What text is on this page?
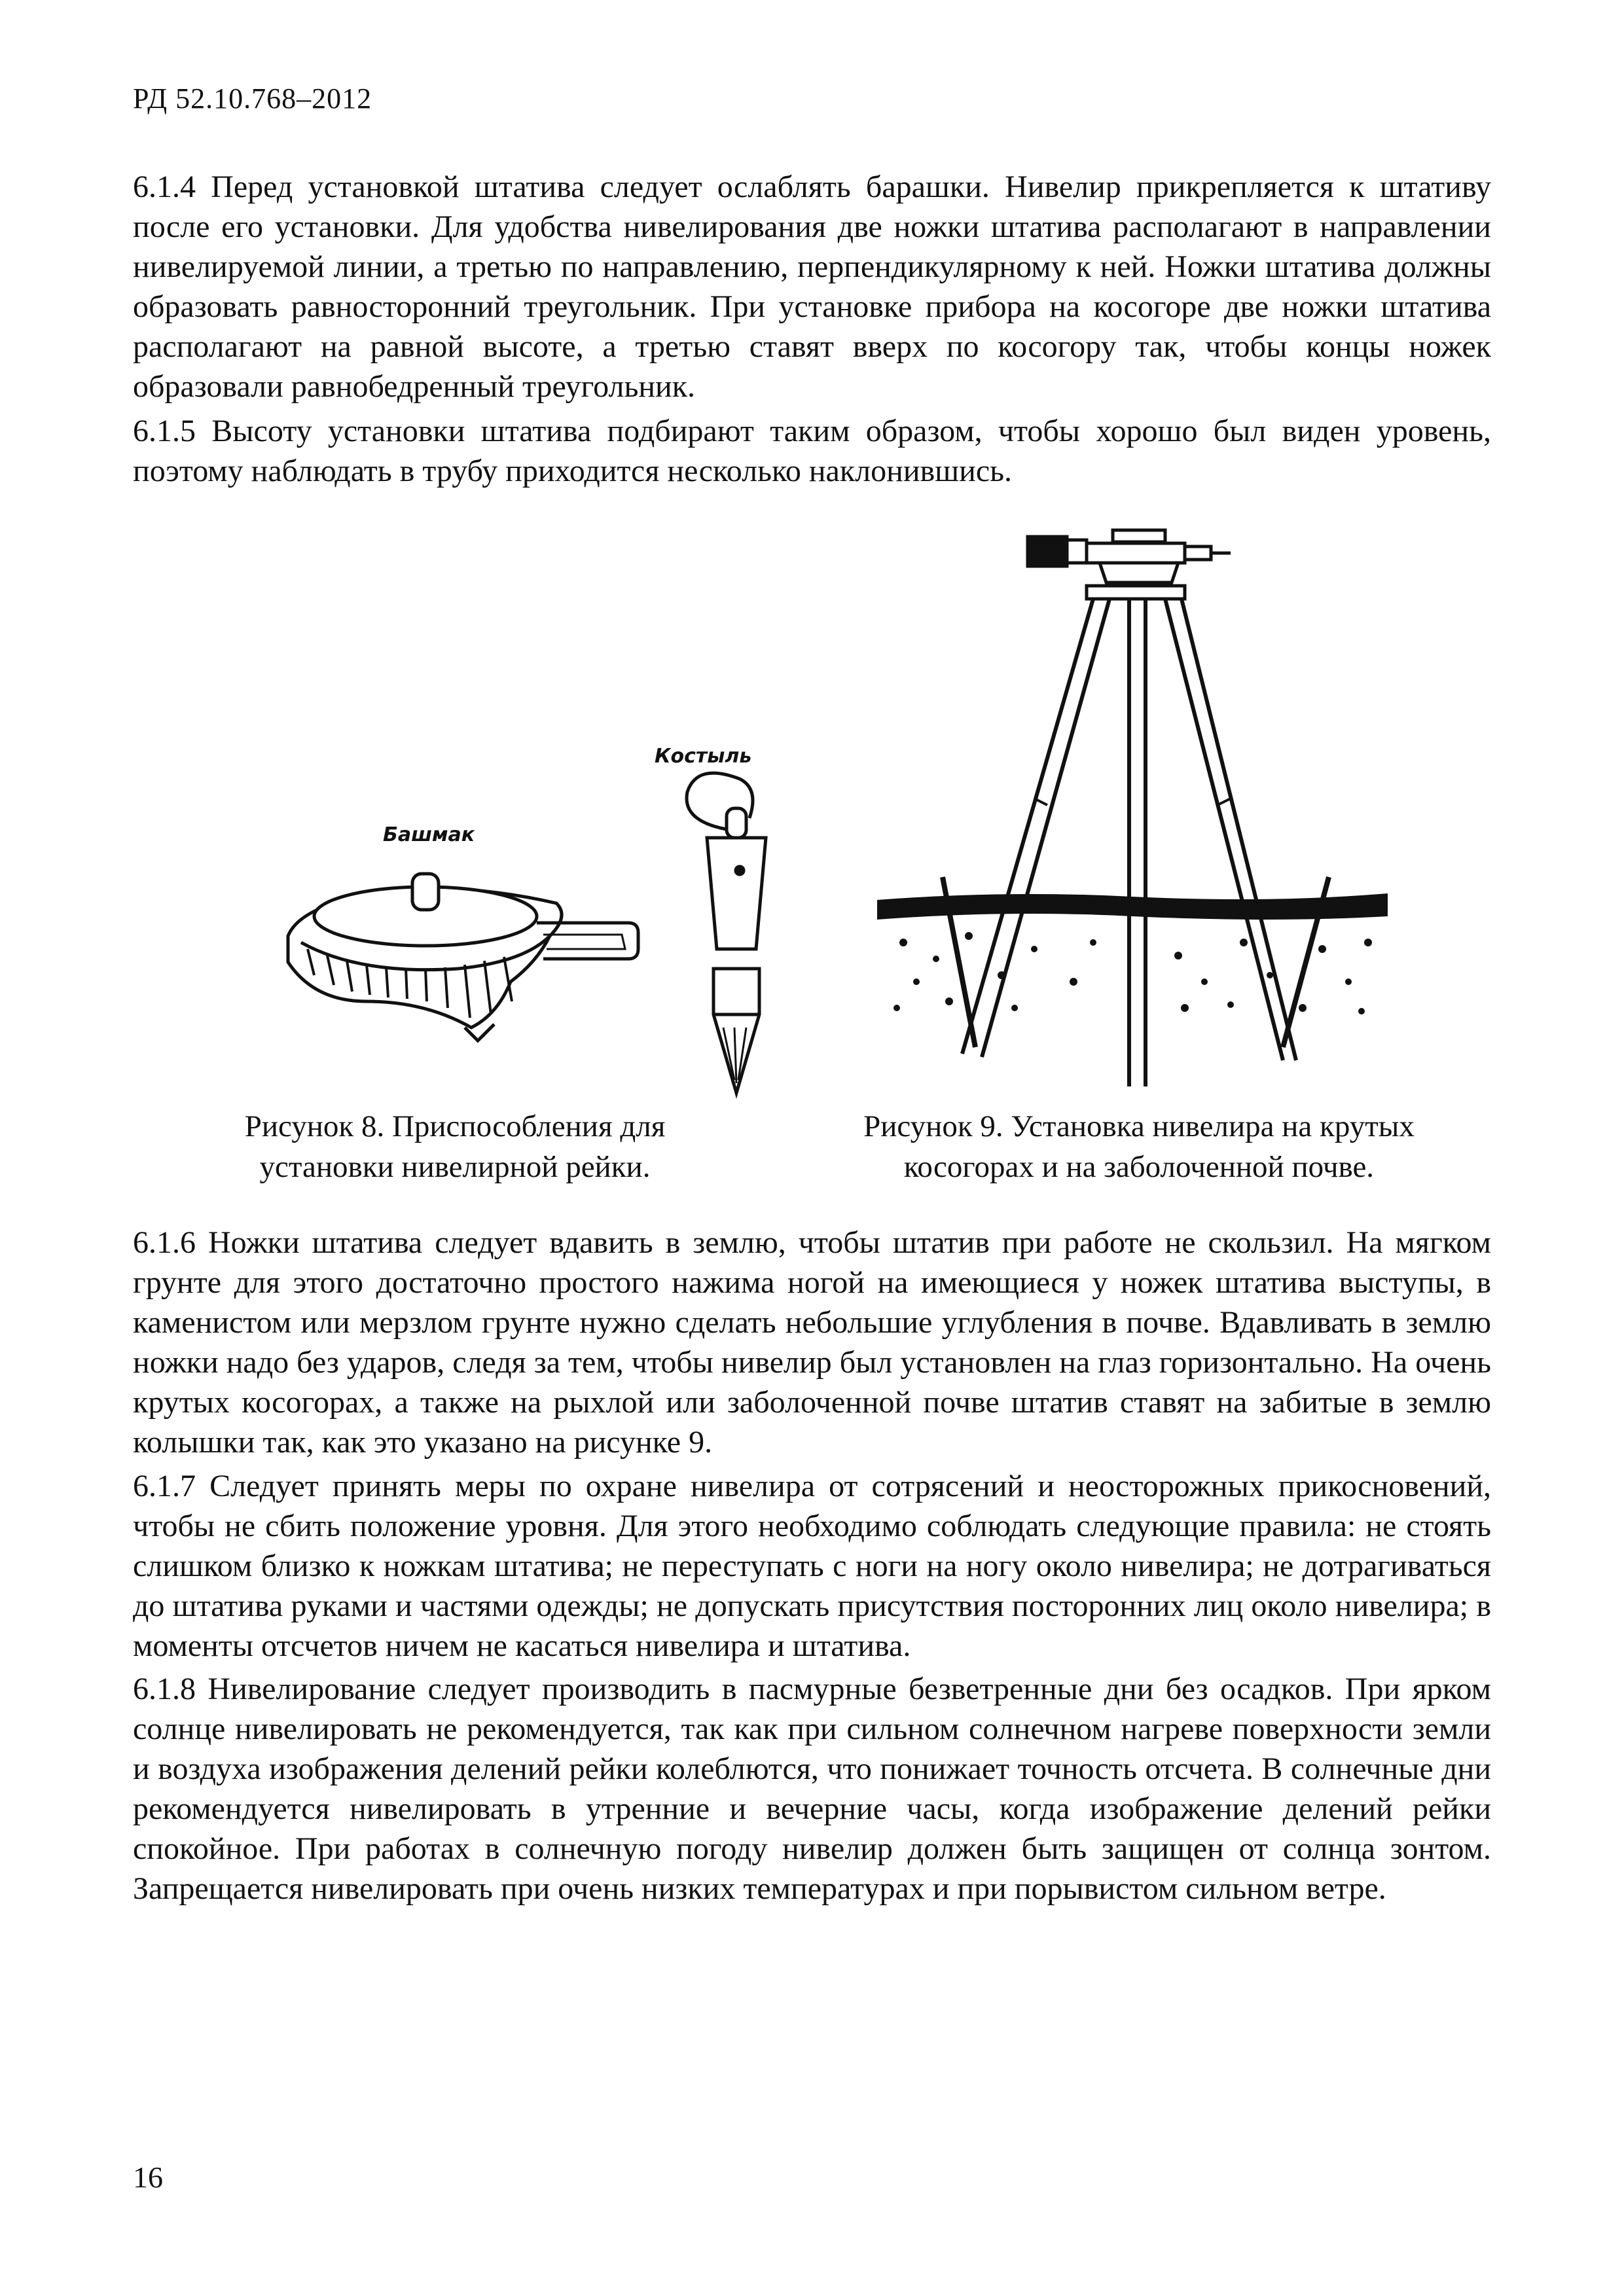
РД 52.10.768–2012

6.1.4 Перед установкой штатива следует ослаблять барашки. Нивелир прикрепляется к штативу после его установки. Для удобства нивелирования две ножки штатива располагают в направлении нивелируемой линии, а третью по направлению, перпендикулярному к ней. Ножки штатива должны образовать равносторонний треугольник. При установке прибора на косогоре две ножки штатива располагают на равной высоте, а третью ставят вверх по косогору так, чтобы концы ножек образовали равнобедренный треугольник.

6.1.5 Высоту установки штатива подбирают таким образом, чтобы хорошо был виден уровень, поэтому наблюдать в трубу приходится несколько наклонившись.

Башмак
Костыль
Рисунок 8. Приспособления для
установки нивелирной рейки.
Рисунок 9. Установка нивелира на крутых
косогорах и на заболоченной почве.

6.1.6 Ножки штатива следует вдавить в землю, чтобы штатив при работе не скользил. На мягком грунте для этого достаточно простого нажима ногой на имеющиеся у ножек штатива выступы, в каменистом или мерзлом грунте нужно сделать небольшие углубления в почве. Вдавливать в землю ножки надо без ударов, следя за тем, чтобы нивелир был установлен на глаз горизонтально. На очень крутых косогорах, а также на рыхлой или заболоченной почве штатив ставят на забитые в землю колышки так, как это указано на рисунке 9.

6.1.7 Следует принять меры по охране нивелира от сотрясений и неосторожных прикосновений, чтобы не сбить положение уровня. Для этого необходимо соблюдать следующие правила: не стоять слишком близко к ножкам штатива; не переступать с ноги на ногу около нивелира; не дотрагиваться до штатива руками и частями одежды; не допускать присутствия посторонних лиц около нивелира; в моменты отсчетов ничем не касаться нивелира и штатива.

6.1.8 Нивелирование следует производить в пасмурные безветренные дни без осадков. При ярком солнце нивелировать не рекомендуется, так как при сильном солнечном нагреве поверхности земли и воздуха изображения делений рейки колеблются, что понижает точность отсчета. В солнечные дни рекомендуется нивелировать в утренние и вечерние часы, когда изображение делений рейки спокойное. При работах в солнечную погоду нивелир должен быть защищен от солнца зонтом. Запрещается нивелировать при очень низких температурах и при порывистом сильном ветре.

16
